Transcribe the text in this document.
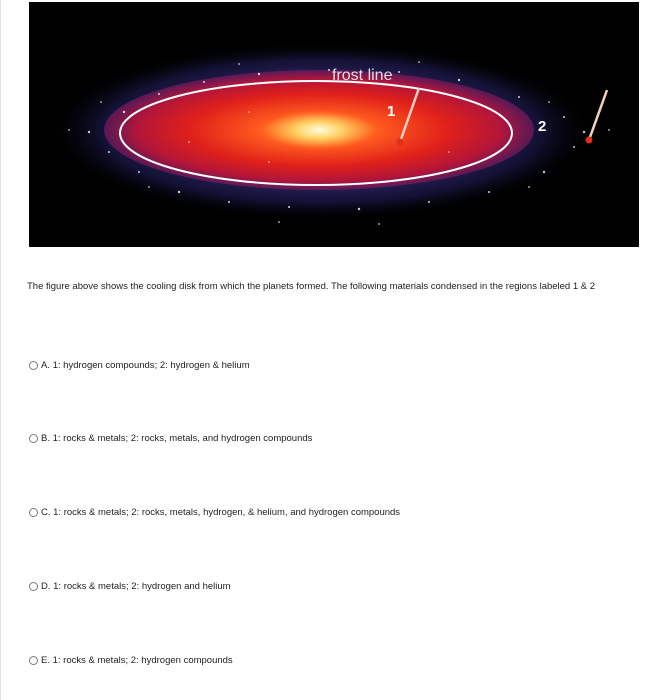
frost line
1
2
The figure above shows the cooling disk from which the planets formed. The following materials condensed in the regions labeled 1 & 2
A. 1: hydrogen compounds; 2: hydrogen & helium
B. 1: rocks & metals; 2: rocks, metals, and hydrogen compounds
C. 1: rocks & metals; 2: rocks, metals, hydrogen, & helium, and hydrogen compounds
D. 1: rocks & metals; 2: hydrogen and helium
E. 1: rocks & metals; 2: hydrogen compounds
